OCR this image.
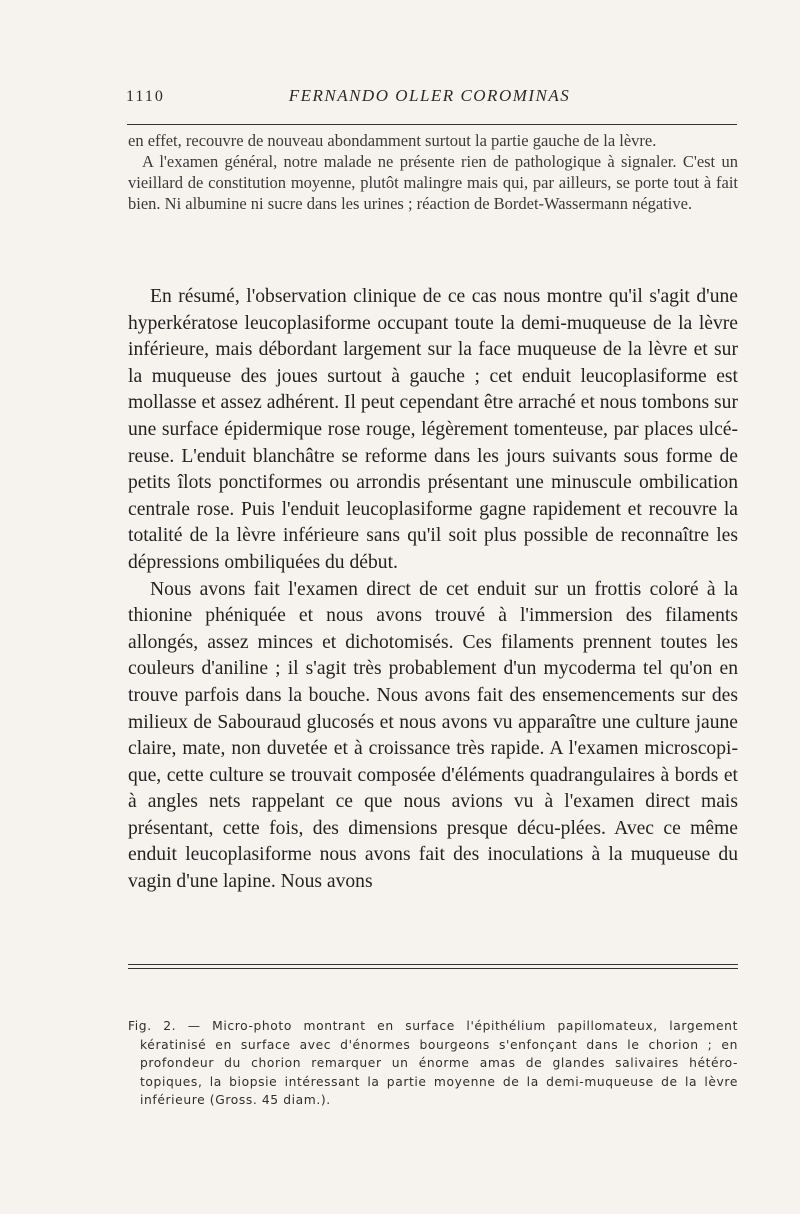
1110	FERNANDO OLLER COROMINAS

en effet, recouvre de nouveau abondamment surtout la partie gauche de la lèvre.

A l'examen général, notre malade ne présente rien de pathologique à signaler. C'est un vieillard de constitution moyenne, plutôt malingre mais qui, par ailleurs, se porte tout à fait bien. Ni albumine ni sucre dans les urines ; réaction de Bordet-Wassermann négative.

En résumé, l'observation clinique de ce cas nous montre qu'il s'agit d'une hyperkératose leucoplasiforme occupant toute la demi-muqueuse de la lèvre inférieure, mais débordant largement sur la face muqueuse de la lèvre et sur la muqueuse des joues surtout à gauche ; cet enduit leucoplasiforme est mollasse et assez adhérent. Il peut cependant être arraché et nous tombons sur une surface épidermique rose rouge, légèrement tomenteuse, par places ulcé-reuse. L'enduit blanchâtre se reforme dans les jours suivants sous forme de petits îlots ponctiformes ou arrondis présentant une minuscule ombilication centrale rose. Puis l'enduit leucoplasiforme gagne rapidement et recouvre la totalité de la lèvre inférieure sans qu'il soit plus possible de reconnaître les dépressions ombiliquées du début.

Nous avons fait l'examen direct de cet enduit sur un frottis coloré à la thionine phéniquée et nous avons trouvé à l'immersion des filaments allongés, assez minces et dichotomisés. Ces filaments prennent toutes les couleurs d'aniline ; il s'agit très probablement d'un mycoderma tel qu'on en trouve parfois dans la bouche. Nous avons fait des ensemencements sur des milieux de Sabouraud glucosés et nous avons vu apparaître une culture jaune claire, mate, non duvetée et à croissance très rapide. A l'examen microscopi-que, cette culture se trouvait composée d'éléments quadrangulaires à bords et à angles nets rappelant ce que nous avions vu à l'examen direct mais présentant, cette fois, des dimensions presque décu-plées. Avec ce même enduit leucoplasiforme nous avons fait des inoculations à la muqueuse du vagin d'une lapine. Nous avons

Fig. 2. — Micro-photo montrant en surface l'épithélium papillomateux, largement kératinisé en surface avec d'énormes bourgeons s'enfonçant dans le chorion ; en profondeur du chorion remarquer un énorme amas de glandes salivaires hétéro-topiques, la biopsie intéressant la partie moyenne de la demi-muqueuse de la lèvre inférieure (Gross. 45 diam.).
